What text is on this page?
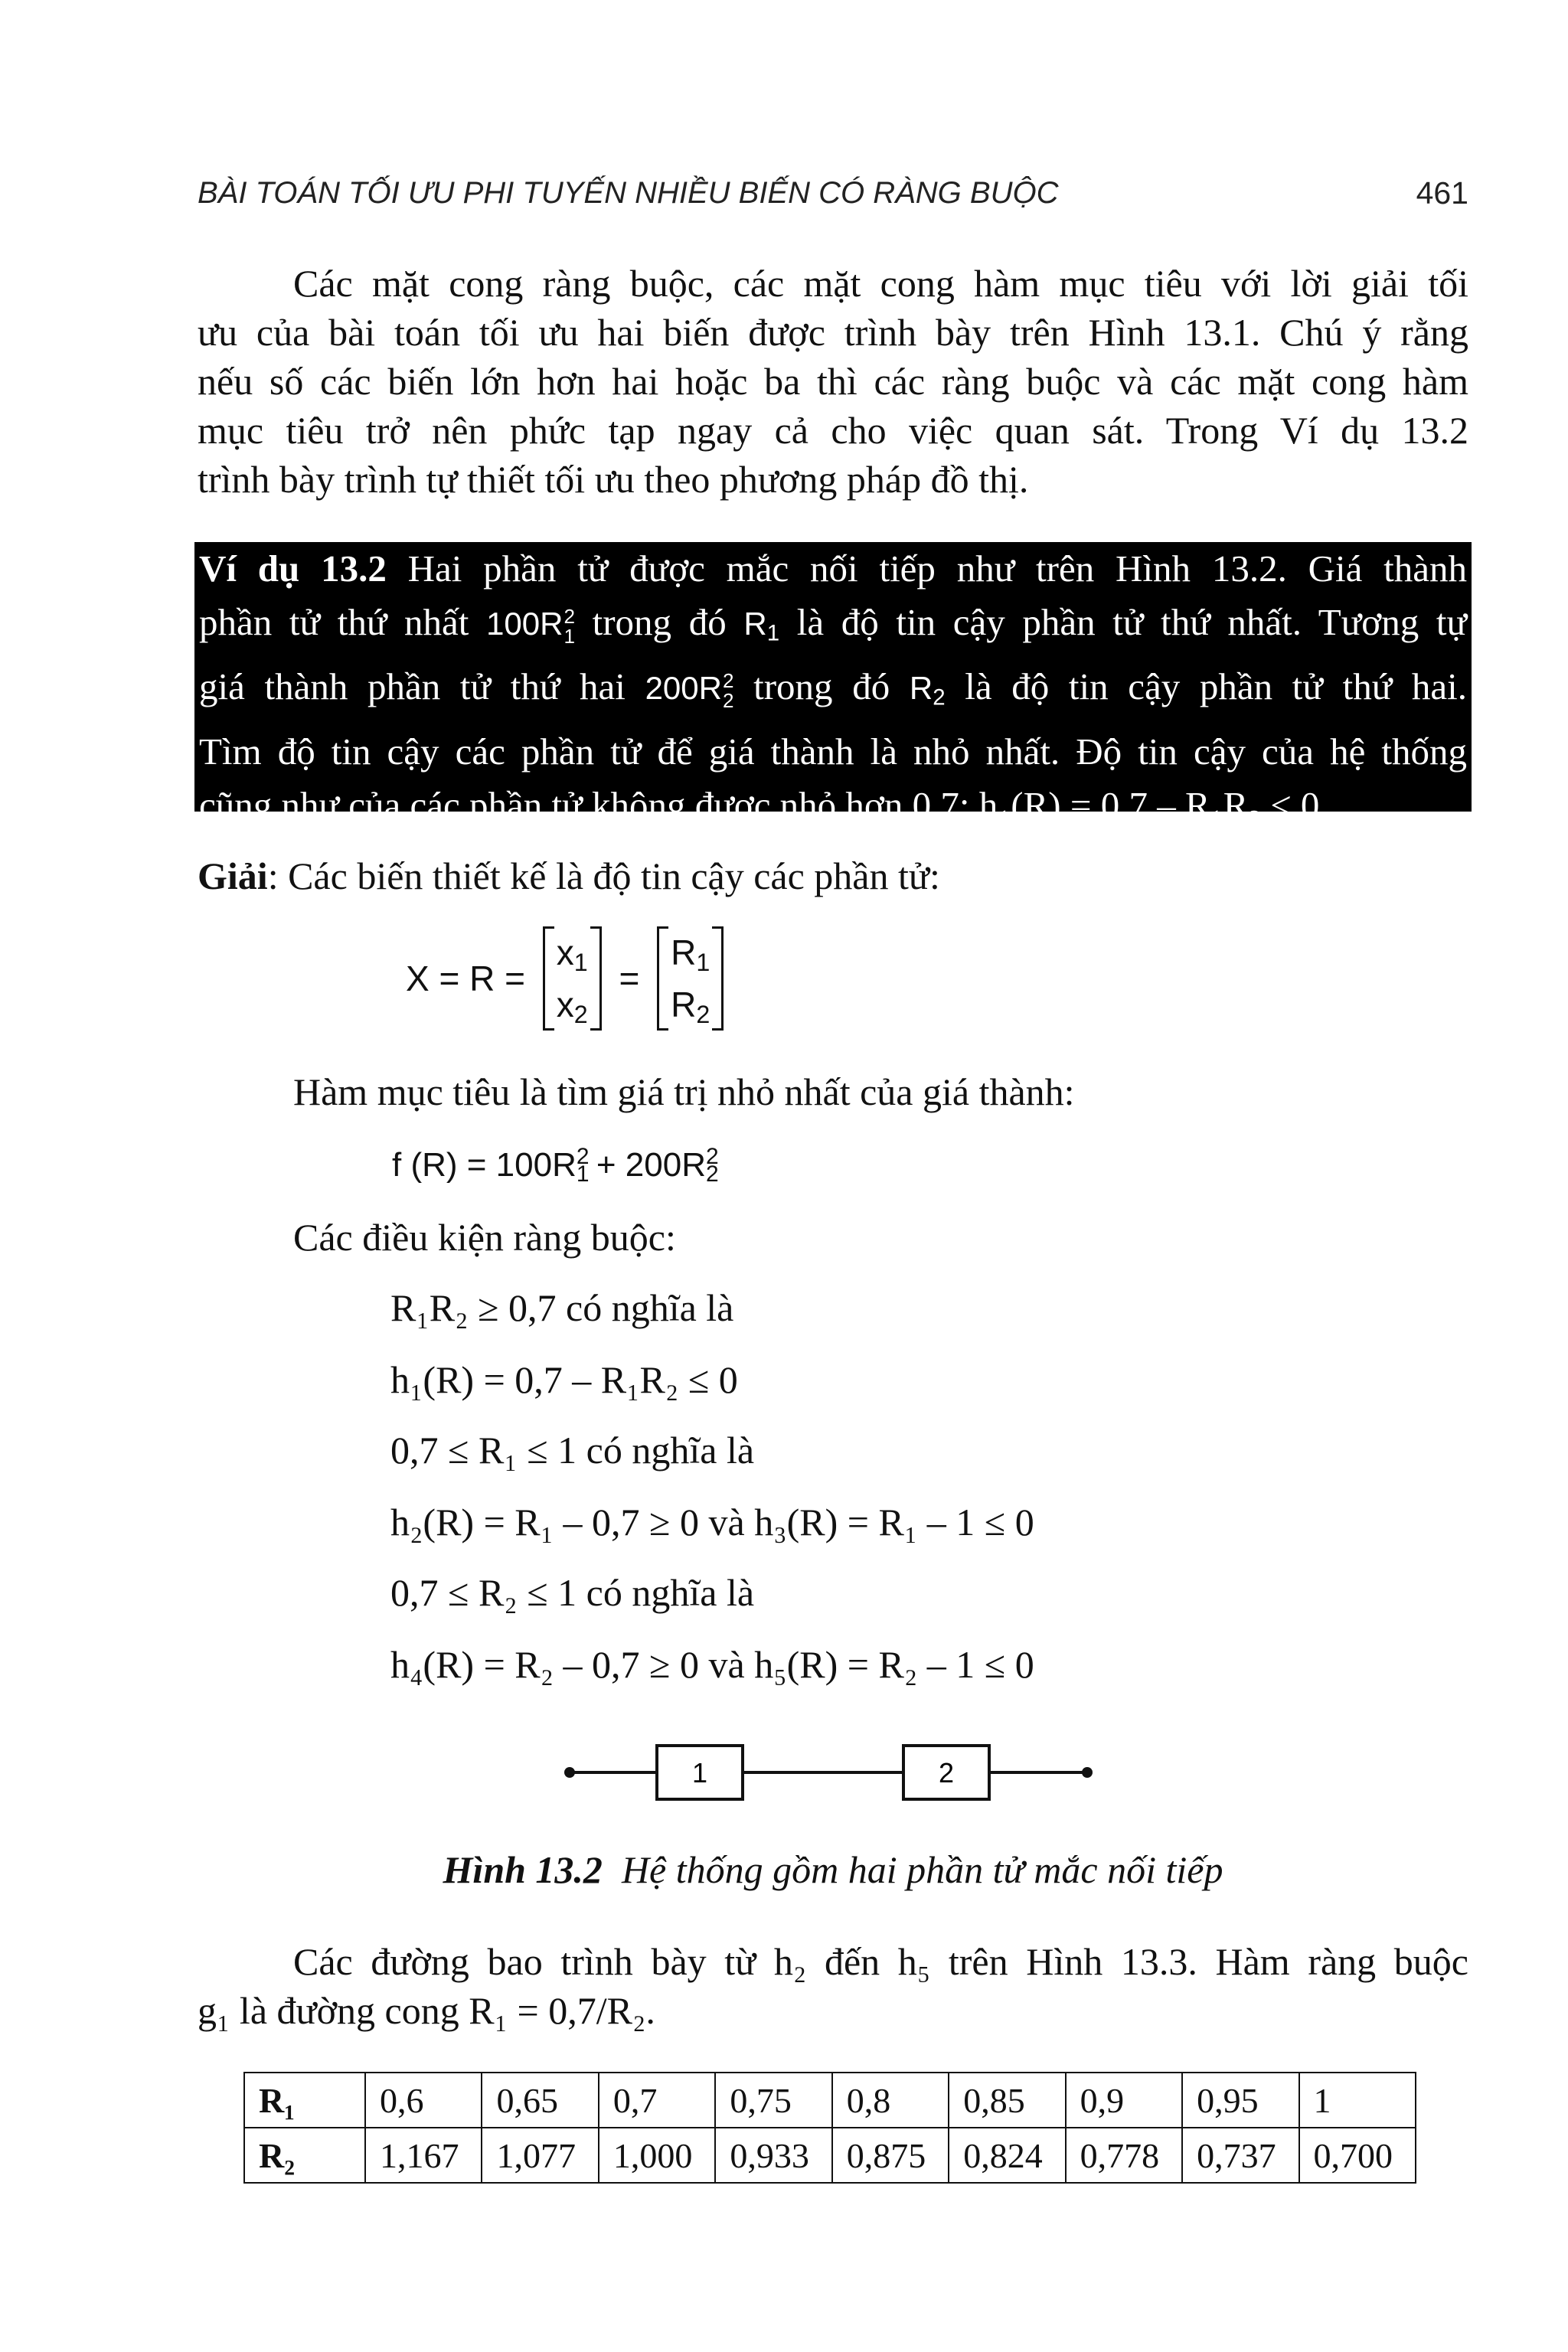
BÀI TOÁN TỐI ƯU PHI TUYẾN NHIỀU BIẾN CÓ RÀNG BUỘC	461
Các mặt cong ràng buộc, các mặt cong hàm mục tiêu với lời giải tối
ưu của bài toán tối ưu hai biến được trình bày trên Hình 13.1. Chú ý rằng
nếu số các biến lớn hơn hai hoặc ba thì các ràng buộc và các mặt cong hàm
mục tiêu trở nên phức tạp ngay cả cho việc quan sát. Trong Ví dụ 13.2
trình bày trình tự thiết tối ưu theo phương pháp đồ thị.
Ví dụ 13.2 Hai phần tử được mắc nối tiếp như trên Hình 13.2. Giá thành
phần tử thứ nhất 100R 2
1 trong đó $R_1$ là độ tin cậy phần tử thứ nhất. Tương tự
giá thành phần tử thứ hai 200R 2
2 trong đó $R_2$ là độ tin cậy phần tử thứ hai.
Tìm độ tin cậy các phần tử để giá thành là nhỏ nhất. Độ tin cậy của hệ thống
cũng như của các phần tử không được nhỏ hơn 0,7: h₁(R) = 0,7 – R₁R₂ ≤ 0.
Giải: Các biến thiết kế là độ tin cậy các phần tử:
X = R =
$x_1$
$x_2$
=
$R_1$
$R_2$
Hàm mục tiêu là tìm giá trị nhỏ nhất của giá thành:
f (R) = 100R 2
1 + 200R 2
2
Các điều kiện ràng buộc:
R₁R₂ ≥ 0,7 có nghĩa là
h₁(R) = 0,7 – R₁R₂ ≤ 0
0,7 ≤ R₁ ≤ 1 có nghĩa là
h₂(R) = R₁ – 0,7 ≥ 0 và h₃(R) = R₁ – 1 ≤ 0
0,7 ≤ R₂ ≤ 1 có nghĩa là
h₄(R) = R₂ – 0,7 ≥ 0 và h₅(R) = R₂ – 1 ≤ 0
1	2
Hình 13.2 Hệ thống gồm hai phần tử mắc nối tiếp
Các đường bao trình bày từ h₂ đến h₅ trên Hình 13.3. Hàm ràng buộc
g₁ là đường cong R₁ = 0,7/R₂.
R₁	0,6	0,65	0,7	0,75	0,8	0,85	0,9	0,95	1
R₂	1,167	1,077	1,000	0,933	0,875	0,824	0,778	0,737	0,700
